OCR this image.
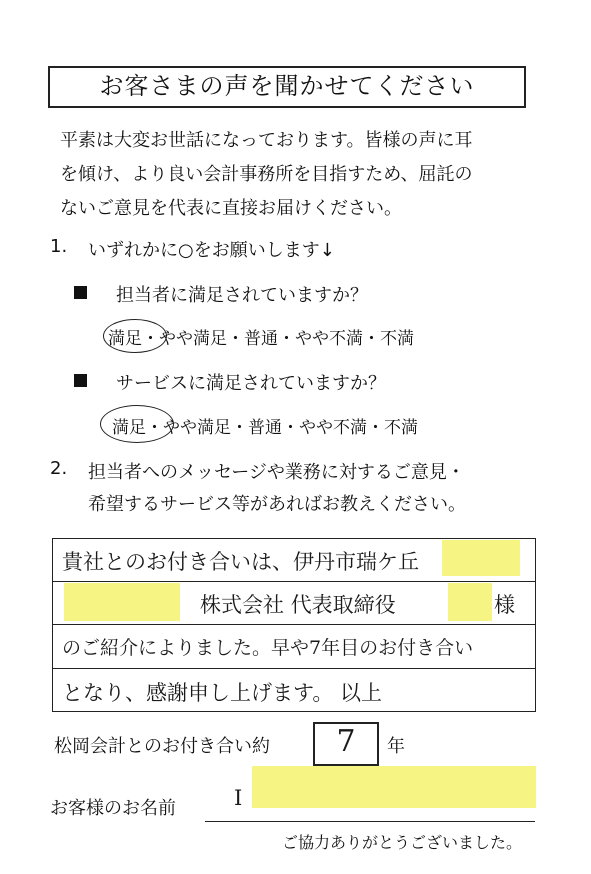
お客さまの声を聞かせてください
平素は大変お世話になっております。皆様の声に耳
を傾け、より良い会計事務所を目指すため、屈託の
ないご意見を代表に直接お届けください。
1. いずれかに○をお願いします↓
担当者に満足されていますか？
満足・やや満足・普通・やや不満・不満
サービスに満足されていますか？
満足・やや満足・普通・やや不満・不満
2. 担当者へのメッセージや業務に対するご意見・
希望するサービス等があればお教えください。
貴社とのお付き合いは、伊丹市瑞ケ丘
株式会社 代表取締役	様
のご紹介によりました。早や7年目のお付き合い
となり、感謝申し上げます。 以上
松岡会計とのお付き合い約	7	年
お客様のお名前	I
ご協力ありがとうございました。
